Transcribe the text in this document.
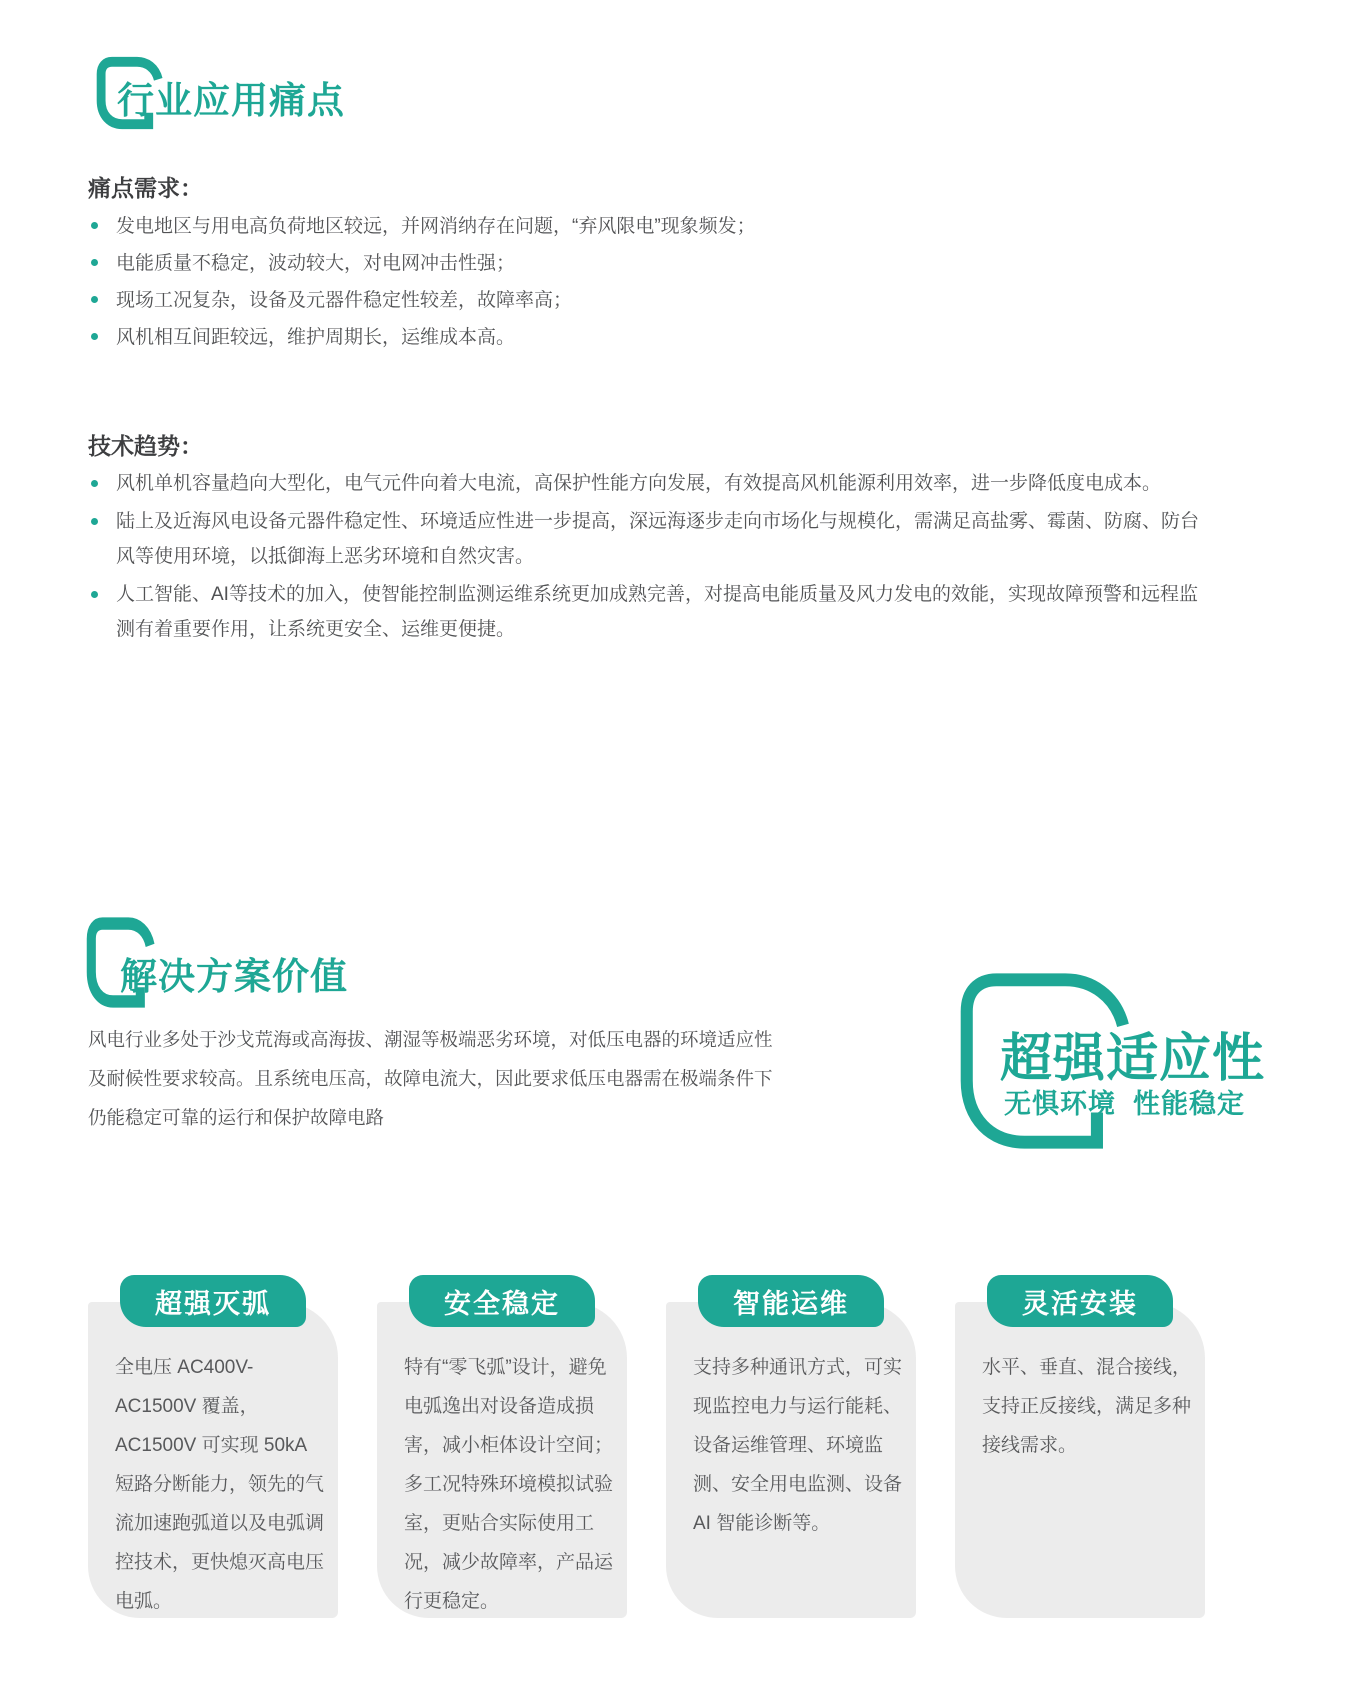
行业应用痛点
痛点需求：
发电地区与用电高负荷地区较远，并网消纳存在问题，“弃风限电”现象频发；
电能质量不稳定，波动较大，对电网冲击性强；
现场工况复杂，设备及元器件稳定性较差，故障率高；
风机相互间距较远，维护周期长，运维成本高。
技术趋势：
风机单机容量趋向大型化，电气元件向着大电流，高保护性能方向发展，有效提高风机能源利用效率，进一步降低度电成本。
陆上及近海风电设备元器件稳定性、环境适应性进一步提高，深远海逐步走向市场化与规模化，需满足高盐雾、霉菌、防腐、防台风等使用环境，以抵御海上恶劣环境和自然灾害。
人工智能、AI等技术的加入，使智能控制监测运维系统更加成熟完善，对提高电能质量及风力发电的效能，实现故障预警和远程监测有着重要作用，让系统更安全、运维更便捷。
解决方案价值

风电行业多处于沙戈荒海或高海拔、潮湿等极端恶劣环境，对低压电器的环境适应性及耐候性要求较高。且系统电压高，故障电流大，因此要求低压电器需在极端条件下仍能稳定可靠的运行和保护故障电路

超强适应性
无惧环境  性能稳定
全电压 AC400V-AC1500V 覆盖，AC1500V 可实现 50kA 短路分断能力，领先的气流加速跑弧道以及电弧调控技术，更快熄灭高电压电弧。
超强灭弧
特有“零飞弧”设计，避免电弧逸出对设备造成损害，减小柜体设计空间；多工况特殊环境模拟试验室，更贴合实际使用工况，减少故障率，产品运行更稳定。
安全稳定
支持多种通讯方式，可实现监控电力与运行能耗、设备运维管理、环境监测、安全用电监测、设备 AI 智能诊断等。
智能运维
水平、垂直、混合接线，支持正反接线，满足多种接线需求。
灵活安装
